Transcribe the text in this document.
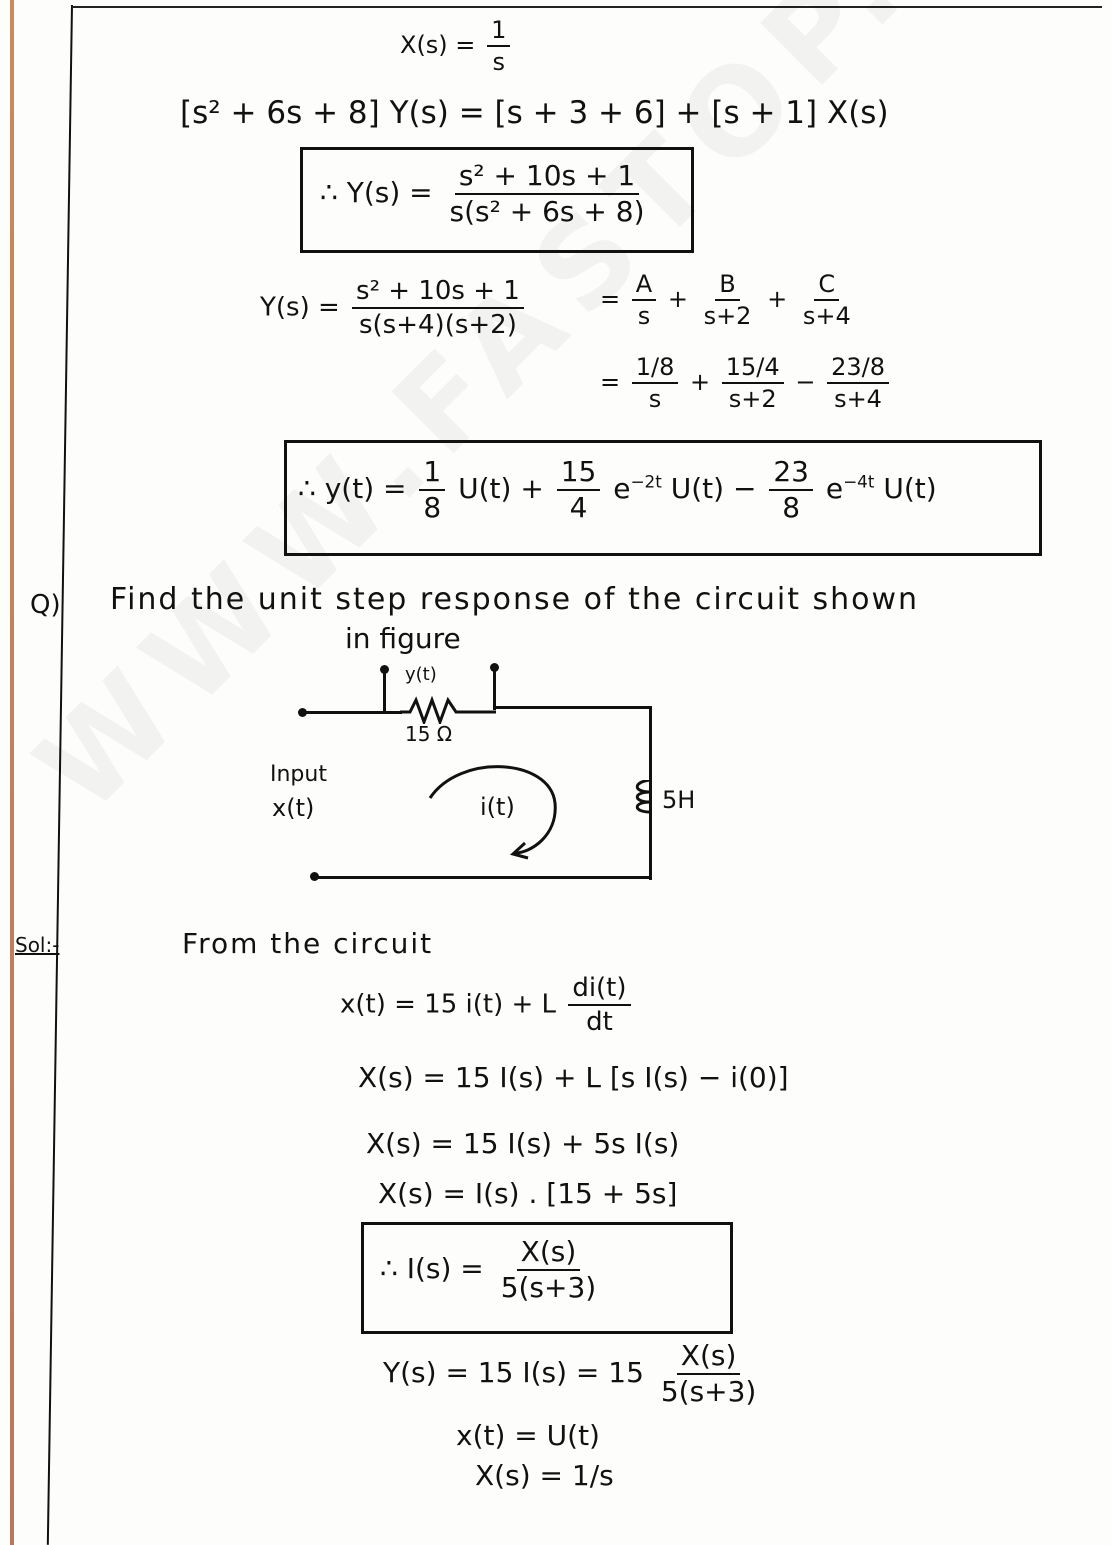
$X(s) = \frac{1}{s}$
[s² + 6s + 8] Y(s) = [s + 3 + 6] + [s + 1] X(s)
∴ $Y(s) = \frac{\text{s² + 10s + 1}}{\text{s(s² + 6s + 8)}}$
$Y(s) = \frac{\text{s² + 10s + 1}}{s(s+4)(s+2)}$	= $\frac{A}{s} + \frac{B}{s+2} + \frac{C}{s+4}$
= $\frac{1/8}{s} + \frac{15/4}{s+2} - \frac{23/8}{s+4}$
∴ $y(t) = \frac{1}{8} U(t) + \frac{15}{4} e^{-2t}$ $U(t) - \frac{23}{8} e^{-4t}$ U(t)
Q) Find the unit step response of the circuit shown
in figure
y(t)
15 Ω
5H
Input
x(t)	i(t)
Sol:-	From the circuit
x(t) = 15 i(t) + L $\frac{di(t)}{dt}$
X(s) = 15 I(s) + L [s I(s) − i(0)]
X(s) = 15 I(s) + 5s I(s)
X(s) = I(s) . [15 + 5s]
∴ $I(s) = \frac{X(s)}{5(s+3)}$
Y(s) = 15 $I(s) = 15 \frac{X(s)}{5(s+3)}$
x(t) = U(t)
X(s) = 1/s
